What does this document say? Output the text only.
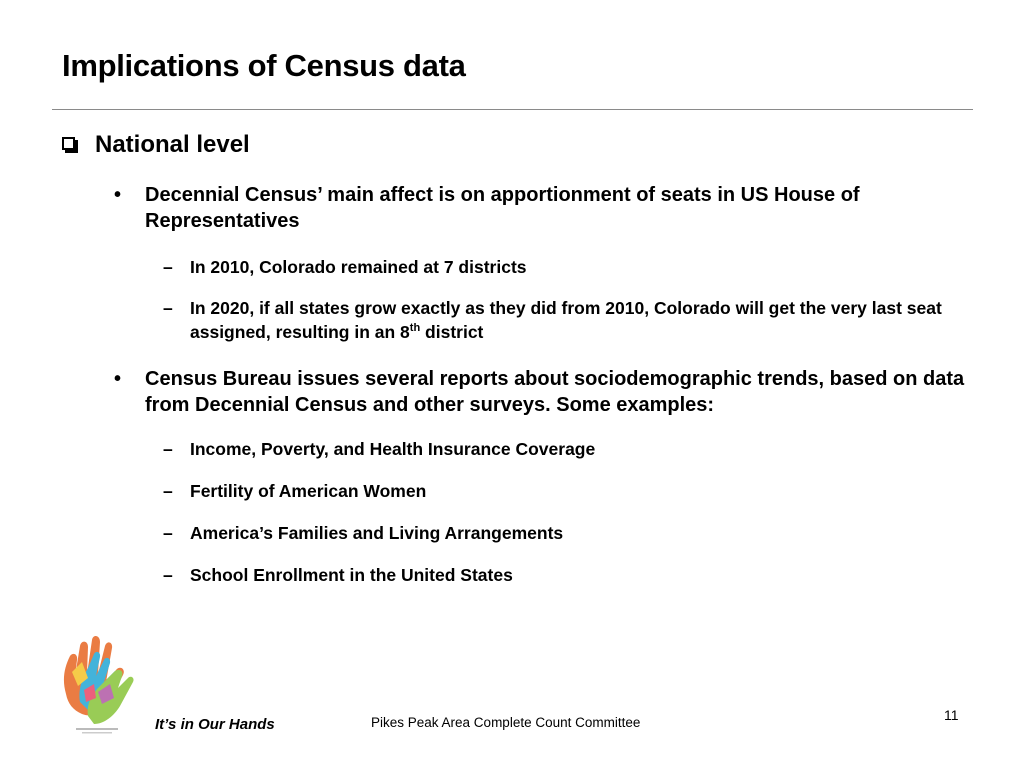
Implications of Census data
National level
• Decennial Census’ main affect is on apportionment of seats in US House of Representatives
– In 2010, Colorado remained at 7 districts
– In 2020, if all states grow exactly as they did from 2010, Colorado will get the very last seat assigned, resulting in an 8th district
• Census Bureau issues several reports about sociodemographic trends, based on data from Decennial Census and other surveys. Some examples:
– Income, Poverty, and Health Insurance Coverage
– Fertility of American Women
– America’s Families and Living Arrangements
– School Enrollment in the United States
It’s in Our Hands	Pikes Peak Area Complete Count Committee	11
